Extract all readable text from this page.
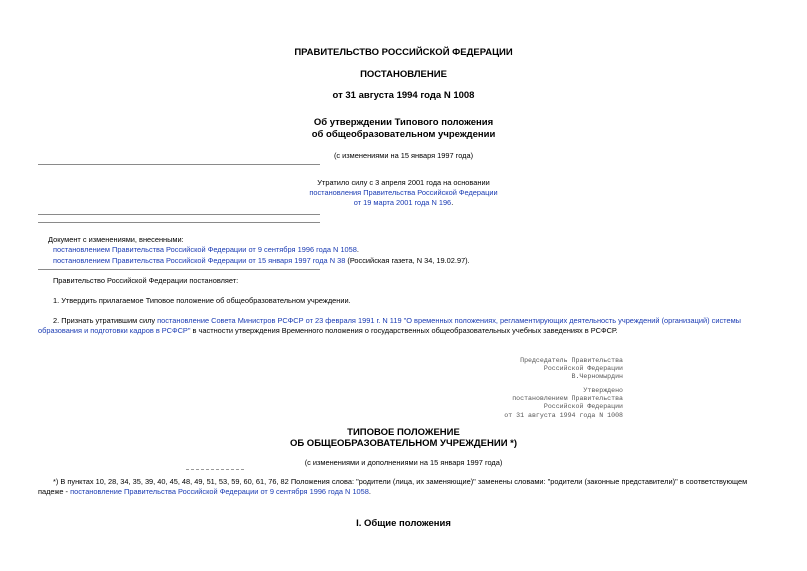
ПРАВИТЕЛЬСТВО РОССИЙСКОЙ ФЕДЕРАЦИИ
ПОСТАНОВЛЕНИЕ
от 31 августа 1994 года N 1008
Об утверждении Типового положения
об общеобразовательном учреждении
(с изменениями на 15 января 1997 года)
Утратило силу с 3 апреля 2001 года на основании
постановления Правительства Российской Федерации
от 19 марта 2001 года N 196.
Документ с изменениями, внесенными:
постановлением Правительства Российской Федерации от 9 сентября 1996 года N 1058.
постановлением Правительства Российской Федерации от 15 января 1997 года N 38 (Российская газета, N 34, 19.02.97).
Правительство Российской Федерации постановляет:
1. Утвердить прилагаемое Типовое положение об общеобразовательном учреждении.
2. Признать утратившим силу постановление Совета Министров РСФСР от 23 февраля 1991 г. N 119 "О временных положениях, регламентирующих деятельность учреждений (организаций) системы образования и подготовки кадров в РСФСР" в частности утверждения Временного положения о государственных общеобразовательных учебных заведениях в РСФСР.
Председатель Правительства
Российской Федерации
В.Черномырдин
Утверждено
постановлением Правительства
Российской Федерации
от 31 августа 1994 года N 1008
ТИПОВОЕ ПОЛОЖЕНИЕ
ОБ ОБЩЕОБРАЗОВАТЕЛЬНОМ УЧРЕЖДЕНИИ *)
(с изменениями и дополнениями на 15 января 1997 года)
*) В пунктах 10, 28, 34, 35, 39, 40, 45, 48, 49, 51, 53, 59, 60, 61, 76, 82 Положения слова: "родители (лица, их заменяющие)" заменены словами: "родители (законные представители)" в соответствующем падеже - постановление Правительства Российской Федерации от 9 сентября 1996 года N 1058.
I. Общие положения
